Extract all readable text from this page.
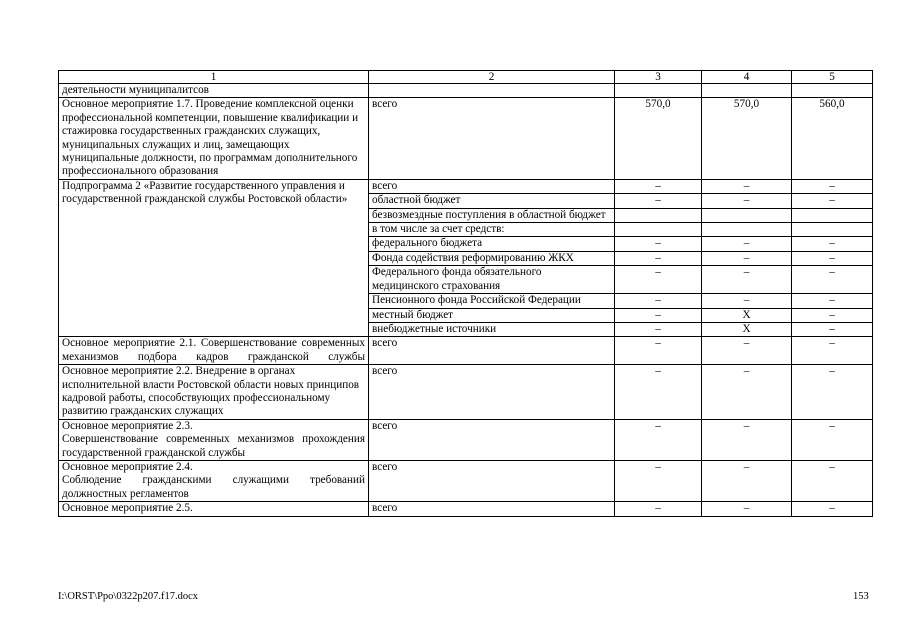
1	2	3	4	5
деятельности муниципалитсов				
Основное мероприятие 1.7. Проведение комплексной оценки профессиональной компетенции, повышение квалификации и стажировка государственных гражданских служащих, муниципальных служащих и лиц, замещающих муниципальные должности, по программам дополнительного профессионального образования	всего	570,0	570,0	560,0
Подпрограмма 2 «Развитие государственного управления и государственной гражданской службы Ростовской области»	всего	–	–	–
	областной бюджет	–	–	–
	безвозмездные поступления в областной бюджет			
	в том числе за счет средств:			
	федерального бюджета	–	–	–
	Фонда содействия реформированию ЖКХ	–	–	–
	Федерального фонда обязательного медицинского страхования	–	–	–
	Пенсионного фонда Российской Федерации	–	–	–
	местный бюджет	–	X	–
	внебюджетные источники	–	X	–
Основное мероприятие 2.1. Совершенствование современных механизмов подбора кадров гражданской службы	всего	–	–	–
Основное мероприятие 2.2. Внедрение в органах исполнительной власти Ростовской области новых принципов кадровой работы, способствующих профессиональному развитию гражданских служащих	всего	–	–	–

Основное мероприятие 2.3.
Совершенствование современных механизмов прохождения государственной гражданской службы	всего	–	–	–

Основное мероприятие 2.4.
Соблюдение гражданскими служащими требований должностных регламентов	всего	–	–	–
Основное мероприятие 2.5.	всего	–	–	–
I:\ORST\Ppo\0322p207.f17.docx	153
